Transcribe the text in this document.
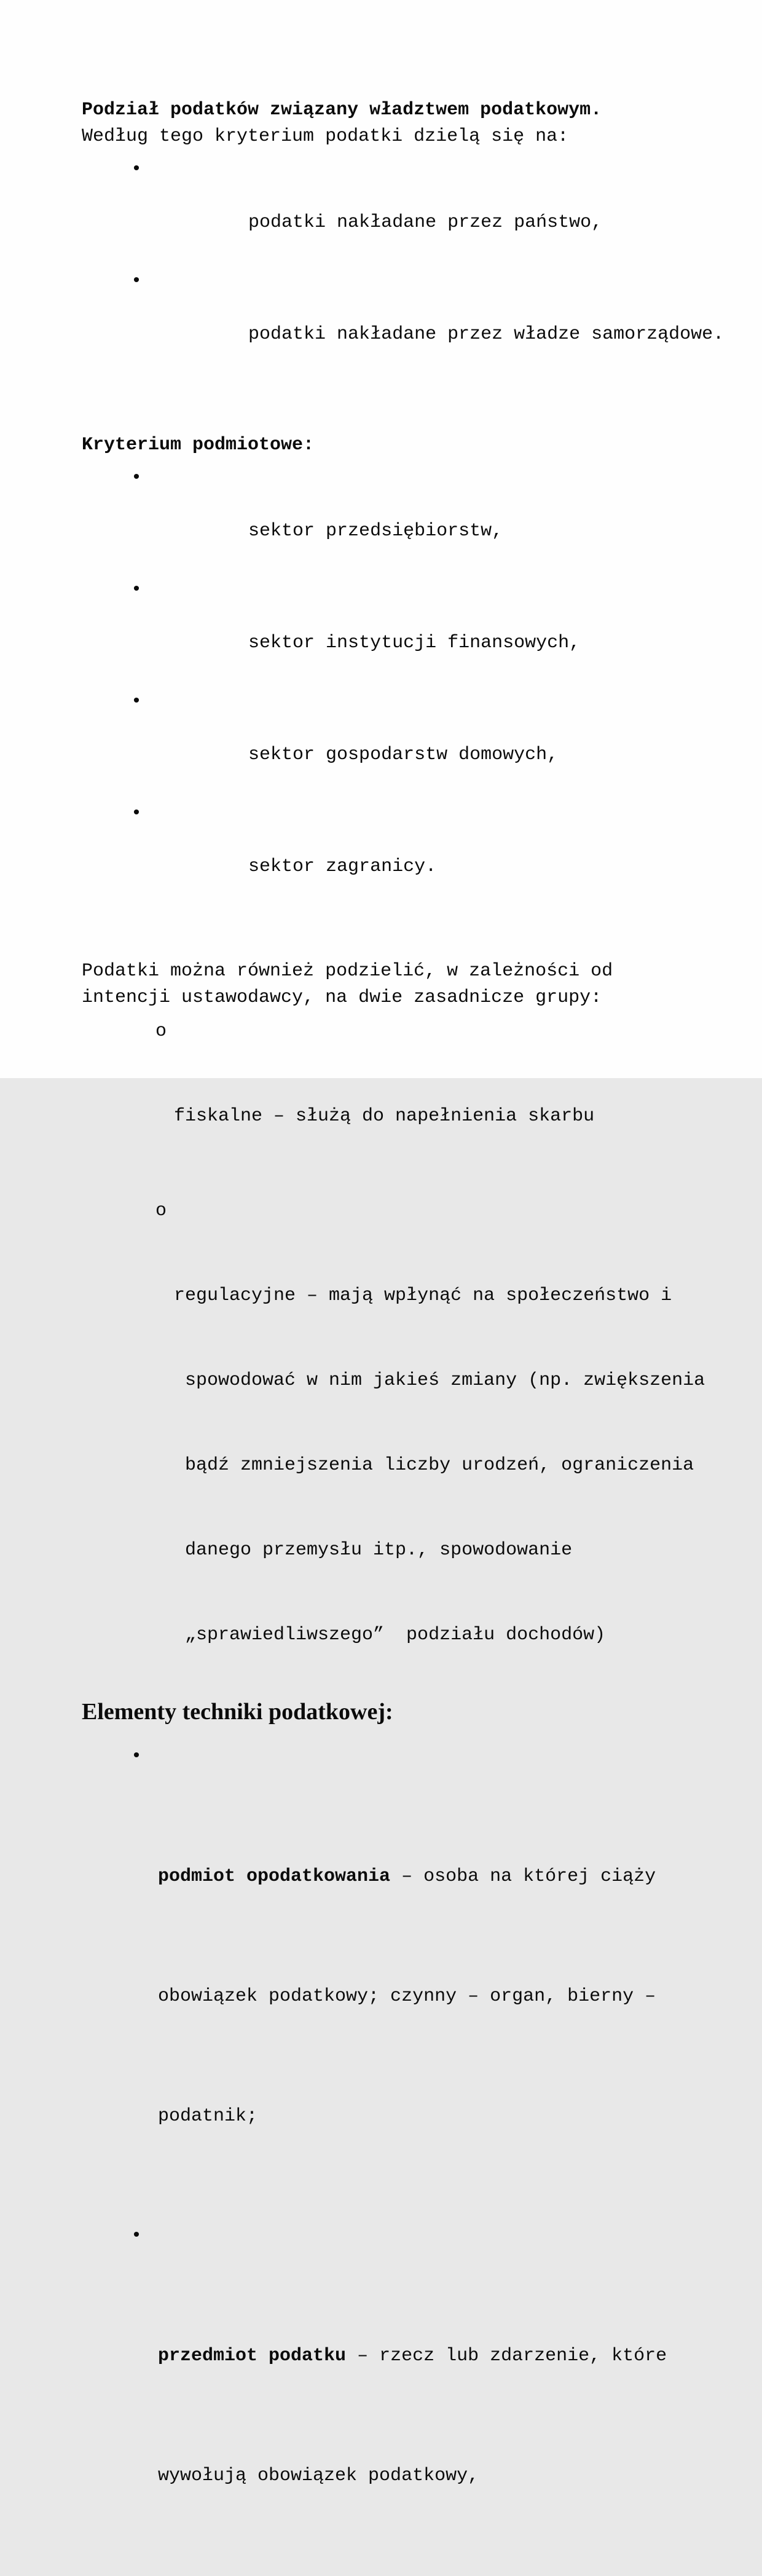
Podział podatków związany władztwem podatkowym.

Według tego kryterium podatki dzielą się na:

•

podatki nakładane przez państwo,

•

podatki nakładane przez władze samorządowe.

Kryterium podmiotowe:

•

sektor przedsiębiorstw,

•

sektor instytucji finansowych,

•

sektor gospodarstw domowych,

•

sektor zagranicy.

Podatki można również podzielić, w zależności od
intencji ustawodawcy, na dwie zasadnicze grupy:

o

fiskalne – służą do napełnienia skarbu

o

regulacyjne – mają wpłynąć na społeczeństwo i

spowodować w nim jakieś zmiany (np. zwiększenia

bądź zmniejszenia liczby urodzeń, ograniczenia

danego przemysłu itp., spowodowanie

„sprawiedliwszego”  podziału dochodów)

Elementy techniki podatkowej:

•

podmiot opodatkowania – osoba na której ciąży

obowiązek podatkowy; czynny – organ, bierny –

podatnik;

•

przedmiot podatku – rzecz lub zdarzenie, które

wywołują obowiązek podatkowy,
